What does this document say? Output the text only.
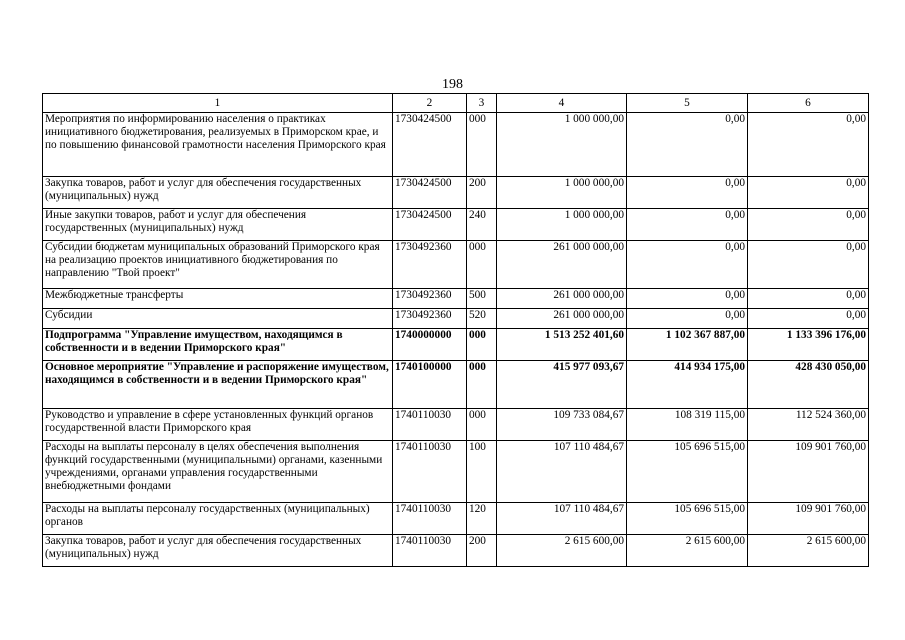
198
1	2	3	4	5	6
Мероприятия по информированию населения о практиках инициативного бюджетирования, реализуемых в Приморском крае, и по повышению финансовой грамотности населения Приморского края	1730424500	000	1 000 000,00	0,00	0,00
Закупка товаров, работ и услуг для обеспечения государственных (муниципальных) нужд	1730424500	200	1 000 000,00	0,00	0,00
Иные закупки товаров, работ и услуг для обеспечения государственных (муниципальных) нужд	1730424500	240	1 000 000,00	0,00	0,00
Субсидии бюджетам муниципальных образований Приморского края на реализацию проектов инициативного бюджетирования по направлению "Твой проект"	1730492360	000	261 000 000,00	0,00	0,00
Межбюджетные трансферты	1730492360	500	261 000 000,00	0,00	0,00
Субсидии	1730492360	520	261 000 000,00	0,00	0,00
Подпрограмма "Управление имуществом, находящимся в собственности и в ведении Приморского края"	1740000000	000	1 513 252 401,60	1 102 367 887,00	1 133 396 176,00
Основное мероприятие "Управление и распоряжение имуществом, находящимся в собственности и в ведении Приморского края"	1740100000	000	415 977 093,67	414 934 175,00	428 430 050,00
Руководство и управление в сфере установленных функций органов государственной власти Приморского края	1740110030	000	109 733 084,67	108 319 115,00	112 524 360,00
Расходы на выплаты персоналу в целях обеспечения выполнения функций государственными (муниципальными) органами, казенными учреждениями, органами управления государственными внебюджетными фондами	1740110030	100	107 110 484,67	105 696 515,00	109 901 760,00
Расходы на выплаты персоналу государственных (муниципальных) органов	1740110030	120	107 110 484,67	105 696 515,00	109 901 760,00
Закупка товаров, работ и услуг для обеспечения государственных (муниципальных) нужд	1740110030	200	2 615 600,00	2 615 600,00	2 615 600,00
